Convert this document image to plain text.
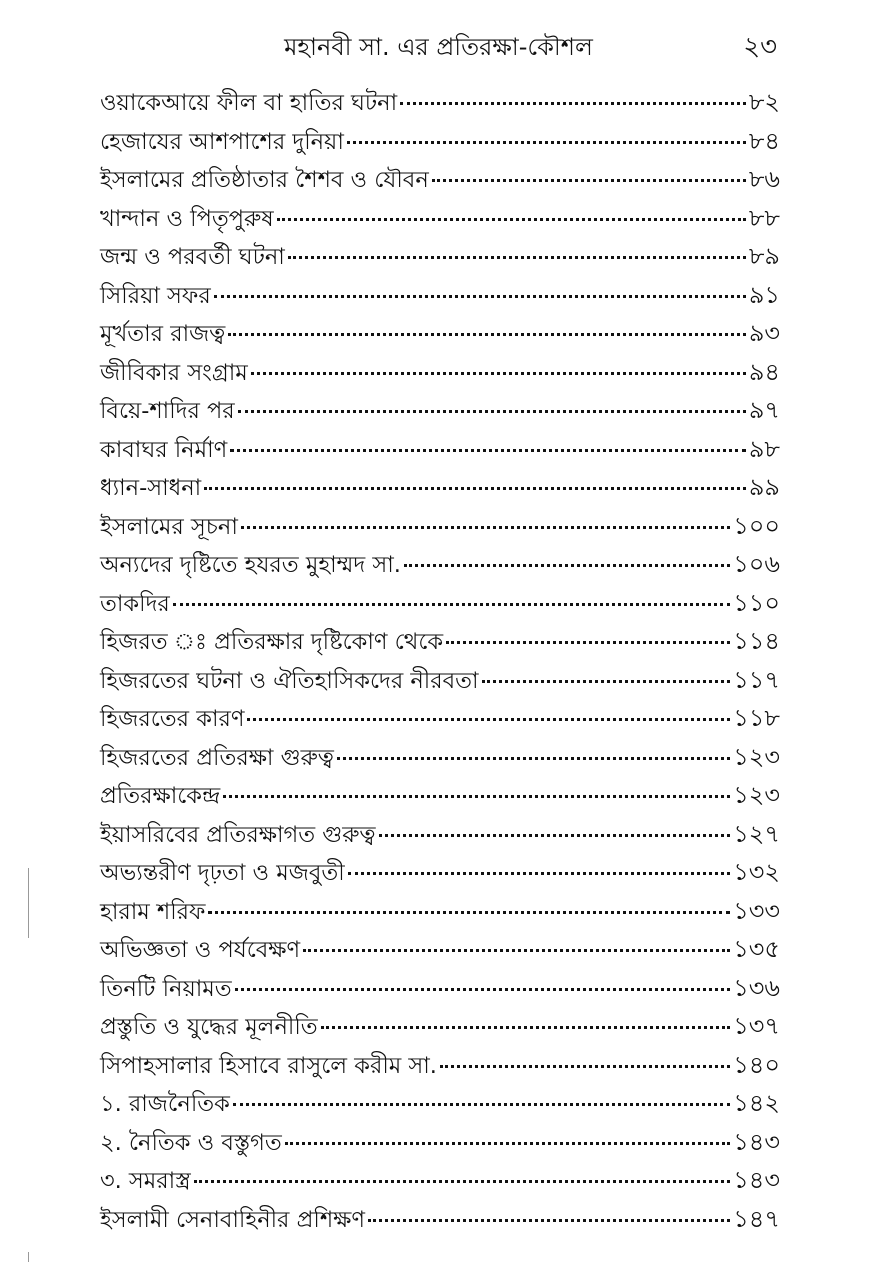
মহানবী সা. এর প্রতিরক্ষা-কৌশল	২৩
ওয়াকেআয়ে ফীল বা হাতির ঘটনা	৮২
হেজাযের আশপাশের দুনিয়া	৮৪
ইসলামের প্রতিষ্ঠাতার শৈশব ও যৌবন	৮৬
খান্দান ও পিতৃপুরুষ	৮৮
জন্ম ও পরবর্তী ঘটনা	৮৯
সিরিয়া সফর	৯১
মূর্খতার রাজত্ব	৯৩
জীবিকার সংগ্রাম	৯৪
বিয়ে-শাদির পর	৯৭
কাবাঘর নির্মাণ	৯৮
ধ্যান-সাধনা	৯৯
ইসলামের সূচনা	১০০
অন্যদের দৃষ্টিতে হযরত মুহাম্মদ সা.	১০৬
তাকদির	১১০
হিজরত ঃ প্রতিরক্ষার দৃষ্টিকোণ থেকে	১১৪
হিজরতের ঘটনা ও ঐতিহাসিকদের নীরবতা	১১৭
হিজরতের কারণ	১১৮
হিজরতের প্রতিরক্ষা গুরুত্ব	১২৩
প্রতিরক্ষাকেন্দ্র	১২৩
ইয়াসরিবের প্রতিরক্ষাগত গুরুত্ব	১২৭
অভ্যন্তরীণ দৃঢ়তা ও মজবুতী	১৩২
হারাম শরিফ	১৩৩
অভিজ্ঞতা ও পর্যবেক্ষণ	১৩৫
তিনটি নিয়ামত	১৩৬
প্রস্তুতি ও যুদ্ধের মূলনীতি	১৩৭
সিপাহসালার হিসাবে রাসুলে করীম সা.	১৪০
১. রাজনৈতিক	১৪২
২. নৈতিক ও বস্তুগত	১৪৩
৩. সমরাস্ত্র	১৪৩
ইসলামী সেনাবাহিনীর প্রশিক্ষণ	১৪৭
